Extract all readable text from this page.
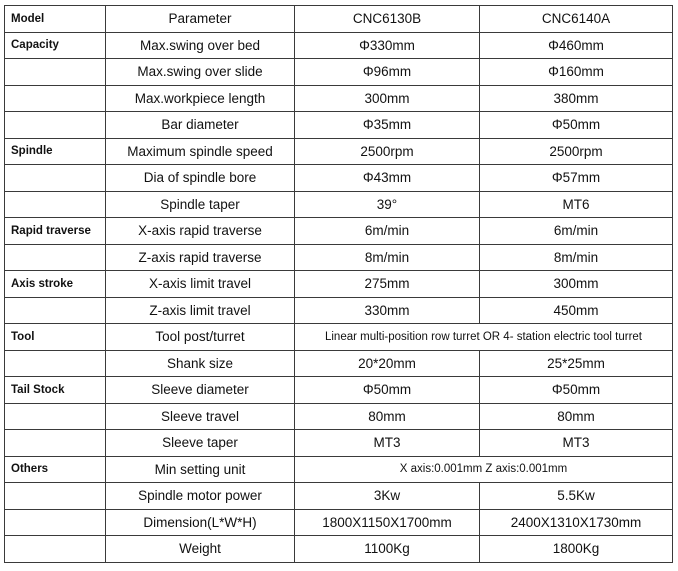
Model	Parameter	CNC6130B	CNC6140A
Capacity	Max.swing over bed	Φ330mm	Φ460mm
	Max.swing over slide	Φ96mm	Φ160mm
	Max.workpiece length	300mm	380mm
	Bar diameter	Φ35mm	Φ50mm
Spindle	Maximum spindle speed	2500rpm	2500rpm
	Dia of spindle bore	Φ43mm	Φ57mm
	Spindle taper	39°	MT6
Rapid traverse	X-axis rapid traverse	6m/min	6m/min
	Z-axis rapid traverse	8m/min	8m/min
Axis stroke	X-axis limit travel	275mm	300mm
	Z-axis limit travel	330mm	450mm
Tool	Tool post/turret	Linear multi-position row turret OR 4- station electric tool turret	
	Shank size	20*20mm	25*25mm
Tail Stock	Sleeve diameter	Φ50mm	Φ50mm
	Sleeve travel	80mm	80mm
	Sleeve taper	MT3	MT3
Others	Min setting unit	X axis:0.001mm Z axis:0.001mm	
	Spindle motor power	3Kw	5.5Kw
	Dimension(L*W*H)	1800X1150X1700mm	2400X1310X1730mm
	Weight	1100Kg	1800Kg
